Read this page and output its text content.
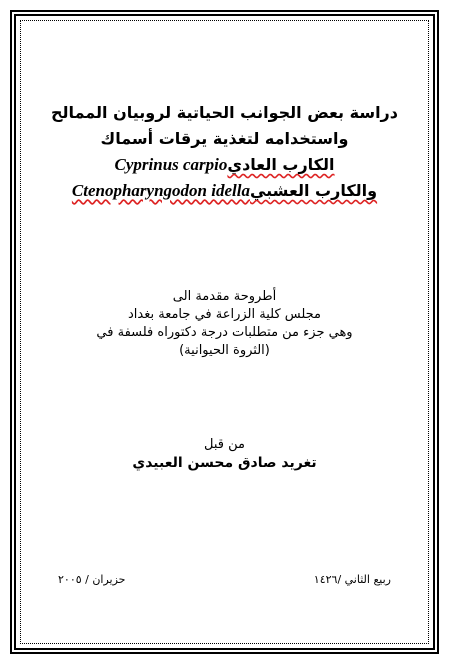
دراسة بعض الجوانب الحياتية لروبيان الممالح
واستخدامه لتغذية يرقات أسماك
الكارب العاديCyprinus carpio
والكارب العشبيCtenopharyngodon idella
أطروحة مقدمة الى
مجلس كلية الزراعة في جامعة بغداد
وهي جزء من متطلبات درجة دكتوراه فلسفة في
(الثروة الحيوانية)
من قبل
تغريد صادق محسن العبيدي
ربيع الثاني /١٤٢٦
حزيران / ٢٠٠٥
